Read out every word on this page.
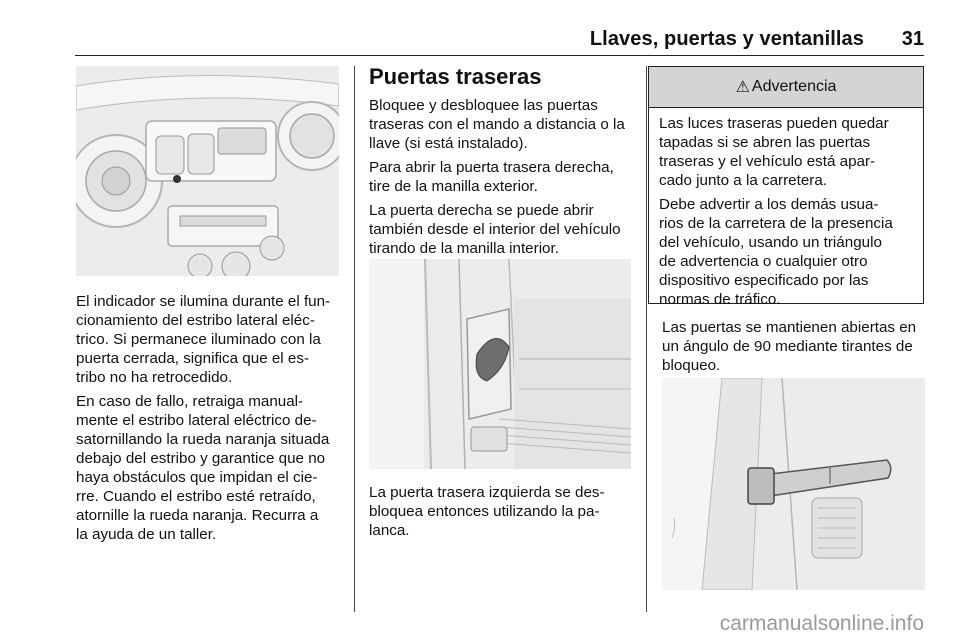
Llaves, puertas y ventanillas 31

El indicador se ilumina durante el fun-
cionamiento del estribo lateral eléc-
trico. Si permanece iluminado con la
puerta cerrada, significa que el es-
tribo no ha retrocedido.

En caso de fallo, retraiga manual-
mente el estribo lateral eléctrico de-
satornillando la rueda naranja situada
debajo del estribo y garantice que no
haya obstáculos que impidan el cie-
rre. Cuando el estribo esté retraído,
atornille la rueda naranja. Recurra a
la ayuda de un taller.

Puertas traseras

Bloquee y desbloquee las puertas
traseras con el mando a distancia o la
llave (si está instalado).

Para abrir la puerta trasera derecha,
tire de la manilla exterior.

La puerta derecha se puede abrir
también desde el interior del vehículo
tirando de la manilla interior.

La puerta trasera izquierda se des-
bloquea entonces utilizando la pa-
lanca.

⚠ Advertencia

Las luces traseras pueden quedar
tapadas si se abren las puertas
traseras y el vehículo está apar-
cado junto a la carretera.

Debe advertir a los demás usua-
rios de la carretera de la presencia
del vehículo, usando un triángulo
de advertencia o cualquier otro
dispositivo especificado por las
normas de tráfico.

Las puertas se mantienen abiertas en
un ángulo de 90 mediante tirantes de
bloqueo.

carmanualsonline.info
